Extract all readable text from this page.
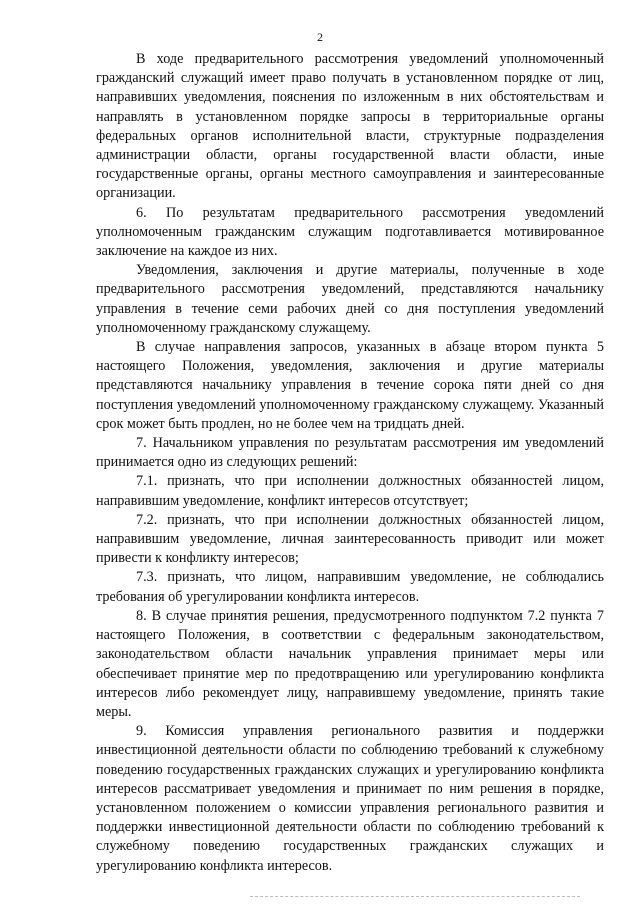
2

В ходе предварительного рассмотрения уведомлений уполномоченный гражданский служащий имеет право получать в установленном порядке от лиц, направивших уведомления, пояснения по изложенным в них обстоятельствам и направлять в установленном порядке запросы в территориальные органы федеральных органов исполнительной власти, структурные подразделения администрации области, органы государственной власти области, иные государственные органы, органы местного самоуправления и заинтересованные организации.

6. По результатам предварительного рассмотрения уведомлений уполномоченным гражданским служащим подготавливается мотивированное заключение на каждое из них.

Уведомления, заключения и другие материалы, полученные в ходе предварительного рассмотрения уведомлений, представляются начальнику управления в течение семи рабочих дней со дня поступления уведомлений уполномоченному гражданскому служащему.

В случае направления запросов, указанных в абзаце втором пункта 5 настоящего Положения, уведомления, заключения и другие материалы представляются начальнику управления в течение сорока пяти дней со дня поступления уведомлений уполномоченному гражданскому служащему. Указанный срок может быть продлен, но не более чем на тридцать дней.

7. Начальником управления по результатам рассмотрения им уведомлений принимается одно из следующих решений:

7.1. признать, что при исполнении должностных обязанностей лицом, направившим уведомление, конфликт интересов отсутствует;

7.2. признать, что при исполнении должностных обязанностей лицом, направившим уведомление, личная заинтересованность приводит или может привести к конфликту интересов;

7.3. признать, что лицом, направившим уведомление, не соблюдались требования об урегулировании конфликта интересов.

8. В случае принятия решения, предусмотренного подпунктом 7.2 пункта 7 настоящего Положения, в соответствии с федеральным законодательством, законодательством области начальник управления принимает меры или обеспечивает принятие мер по предотвращению или урегулированию конфликта интересов либо рекомендует лицу, направившему уведомление, принять такие меры.

9. Комиссия управления регионального развития и поддержки инвестиционной деятельности области по соблюдению требований к служебному поведению государственных гражданских служащих и урегулированию конфликта интересов рассматривает уведомления и принимает по ним решения в порядке, установленном положением о комиссии управления регионального развития и поддержки инвестиционной деятельности области по соблюдению требований к служебному поведению государственных гражданских служащих и урегулированию конфликта интересов.
